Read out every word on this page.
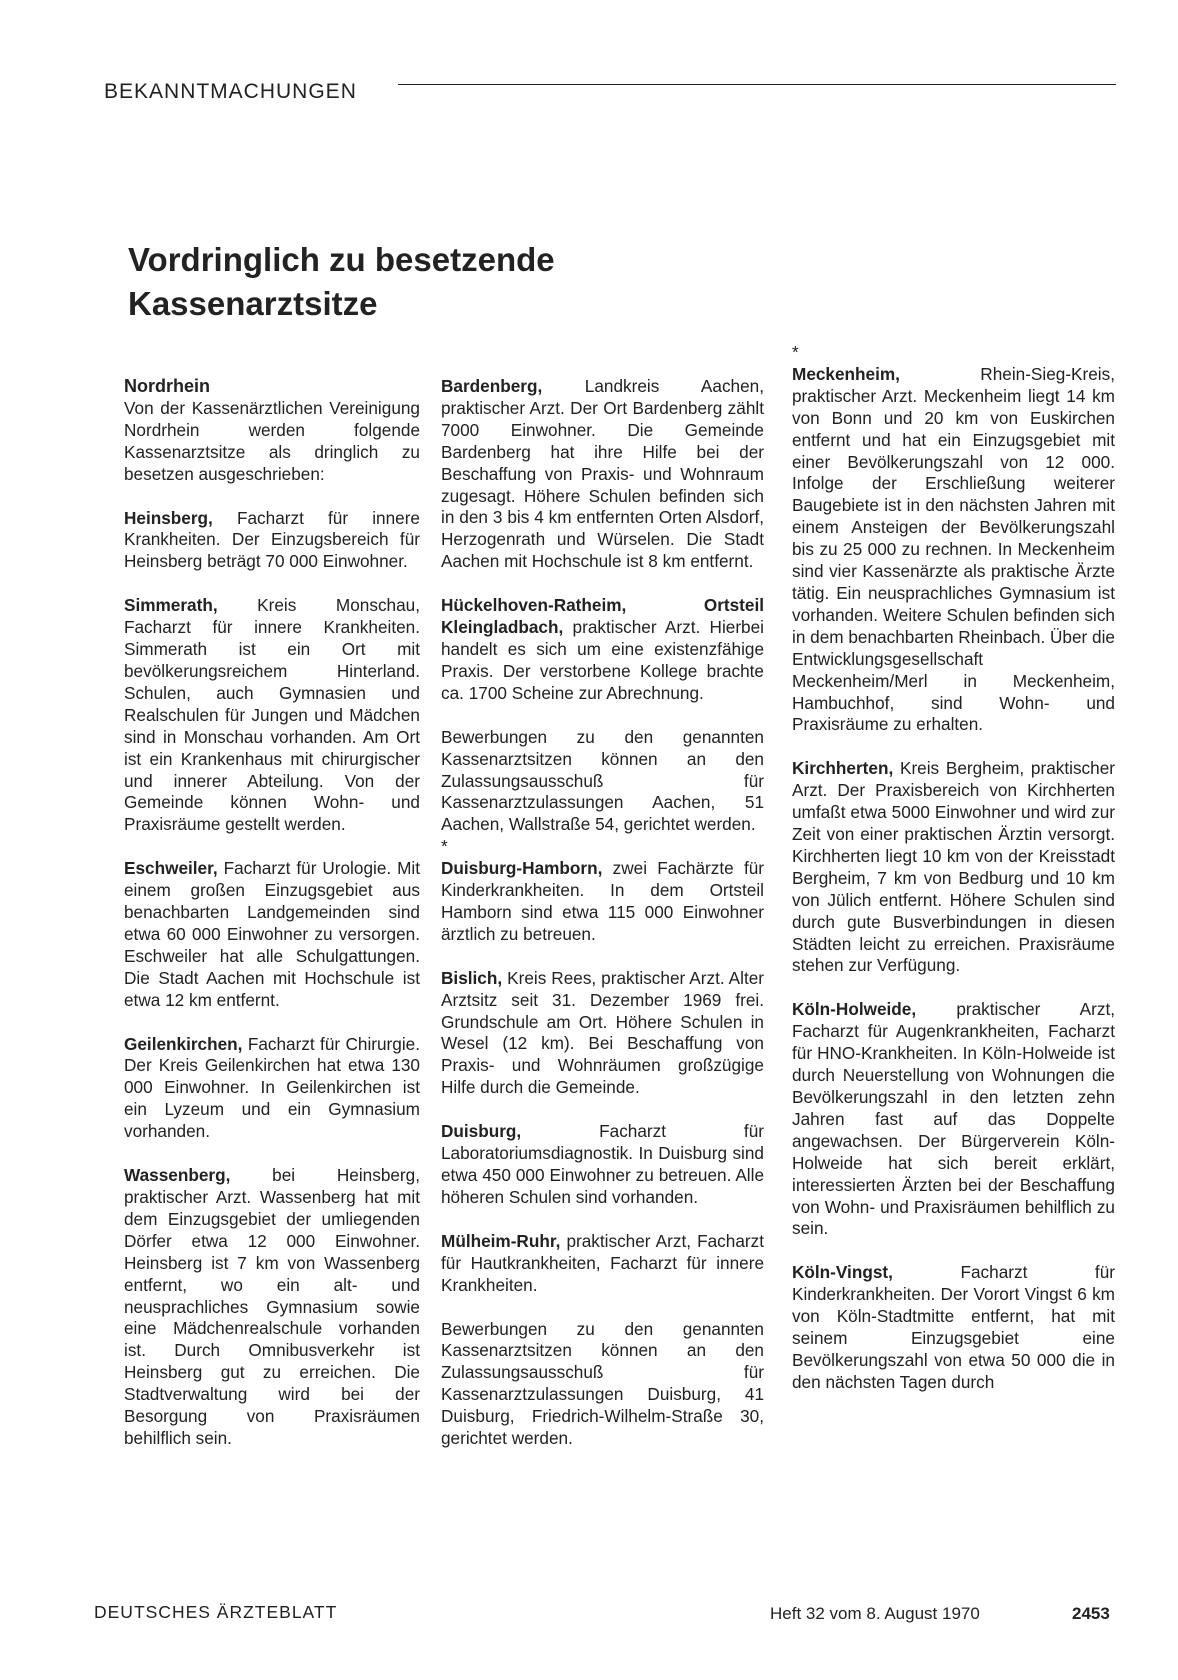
BEKANNTMACHUNGEN
Vordringlich zu besetzende
Kassenarztsitze

Nordrhein

Von der Kassenärztlichen Vereinigung Nordrhein werden folgende Kassenarztsitze als dringlich zu besetzen ausgeschrieben:

Heinsberg, Facharzt für innere Krankheiten. Der Einzugsbereich für Heinsberg beträgt 70 000 Einwohner.

Simmerath, Kreis Monschau, Facharzt für innere Krankheiten. Simmerath ist ein Ort mit bevölkerungsreichem Hinterland. Schulen, auch Gymnasien und Realschulen für Jungen und Mädchen sind in Monschau vorhanden. Am Ort ist ein Krankenhaus mit chirurgischer und innerer Abteilung. Von der Gemeinde können Wohn- und Praxisräume gestellt werden.

Eschweiler, Facharzt für Urologie. Mit einem großen Einzugsgebiet aus benachbarten Landgemeinden sind etwa 60 000 Einwohner zu versorgen. Eschweiler hat alle Schulgattungen. Die Stadt Aachen mit Hochschule ist etwa 12 km entfernt.

Geilenkirchen, Facharzt für Chirurgie. Der Kreis Geilenkirchen hat etwa 130 000 Einwohner. In Geilenkirchen ist ein Lyzeum und ein Gymnasium vorhanden.

Wassenberg, bei Heinsberg, praktischer Arzt. Wassenberg hat mit dem Einzugsgebiet der umliegenden Dörfer etwa 12 000 Einwohner. Heinsberg ist 7 km von Wassenberg entfernt, wo ein alt- und neusprachliches Gymnasium sowie eine Mädchenrealschule vorhanden ist. Durch Omnibusverkehr ist Heinsberg gut zu erreichen. Die Stadtverwaltung wird bei der Besorgung von Praxisräumen behilflich sein.

Bardenberg, Landkreis Aachen, praktischer Arzt. Der Ort Bardenberg zählt 7000 Einwohner. Die Gemeinde Bardenberg hat ihre Hilfe bei der Beschaffung von Praxis- und Wohnraum zugesagt. Höhere Schulen befinden sich in den 3 bis 4 km entfernten Orten Alsdorf, Herzogenrath und Würselen. Die Stadt Aachen mit Hochschule ist 8 km entfernt.

Hückelhoven-Ratheim, Ortsteil Kleingladbach, praktischer Arzt. Hierbei handelt es sich um eine existenzfähige Praxis. Der verstorbene Kollege brachte ca. 1700 Scheine zur Abrechnung.

Bewerbungen zu den genannten Kassenarztsitzen können an den Zulassungsausschuß für Kassenarztzulassungen Aachen, 51 Aachen, Wallstraße 54, gerichtet werden.

*

Duisburg-Hamborn, zwei Fachärzte für Kinderkrankheiten. In dem Ortsteil Hamborn sind etwa 115 000 Einwohner ärztlich zu betreuen.

Bislich, Kreis Rees, praktischer Arzt. Alter Arztsitz seit 31. Dezember 1969 frei. Grundschule am Ort. Höhere Schulen in Wesel (12 km). Bei Beschaffung von Praxis- und Wohnräumen großzügige Hilfe durch die Gemeinde.

Duisburg, Facharzt für Laboratoriumsdiagnostik. In Duisburg sind etwa 450 000 Einwohner zu betreuen. Alle höheren Schulen sind vorhanden.

Mülheim-Ruhr, praktischer Arzt, Facharzt für Hautkrankheiten, Facharzt für innere Krankheiten.

Bewerbungen zu den genannten Kassenarztsitzen können an den Zulassungsausschuß für Kassenarztzulassungen Duisburg, 41 Duisburg, Friedrich-Wilhelm-Straße 30, gerichtet werden.

*

Meckenheim, Rhein-Sieg-Kreis, praktischer Arzt. Meckenheim liegt 14 km von Bonn und 20 km von Euskirchen entfernt und hat ein Einzugsgebiet mit einer Bevölkerungszahl von 12 000. Infolge der Erschließung weiterer Baugebiete ist in den nächsten Jahren mit einem Ansteigen der Bevölkerungszahl bis zu 25 000 zu rechnen. In Meckenheim sind vier Kassenärzte als praktische Ärzte tätig. Ein neusprachliches Gymnasium ist vorhanden. Weitere Schulen befinden sich in dem benachbarten Rheinbach. Über die Entwicklungsgesellschaft Meckenheim/Merl in Meckenheim, Hambuchhof, sind Wohn- und Praxisräume zu erhalten.

Kirchherten, Kreis Bergheim, praktischer Arzt. Der Praxisbereich von Kirchherten umfaßt etwa 5000 Einwohner und wird zur Zeit von einer praktischen Ärztin versorgt. Kirchherten liegt 10 km von der Kreisstadt Bergheim, 7 km von Bedburg und 10 km von Jülich entfernt. Höhere Schulen sind durch gute Busverbindungen in diesen Städten leicht zu erreichen. Praxisräume stehen zur Verfügung.

Köln-Holweide, praktischer Arzt, Facharzt für Augenkrankheiten, Facharzt für HNO-Krankheiten. In Köln-Holweide ist durch Neuerstellung von Wohnungen die Bevölkerungszahl in den letzten zehn Jahren fast auf das Doppelte angewachsen. Der Bürgerverein Köln-Holweide hat sich bereit erklärt, interessierten Ärzten bei der Beschaffung von Wohn- und Praxisräumen behilflich zu sein.

Köln-Vingst, Facharzt für Kinderkrankheiten. Der Vorort Vingst 6 km von Köln-Stadtmitte entfernt, hat mit seinem Einzugsgebiet eine Bevölkerungszahl von etwa 50 000 die in den nächsten Tagen durch

DEUTSCHES ÄRZTEBLATT	Heft 32 vom 8. August 1970	2453
